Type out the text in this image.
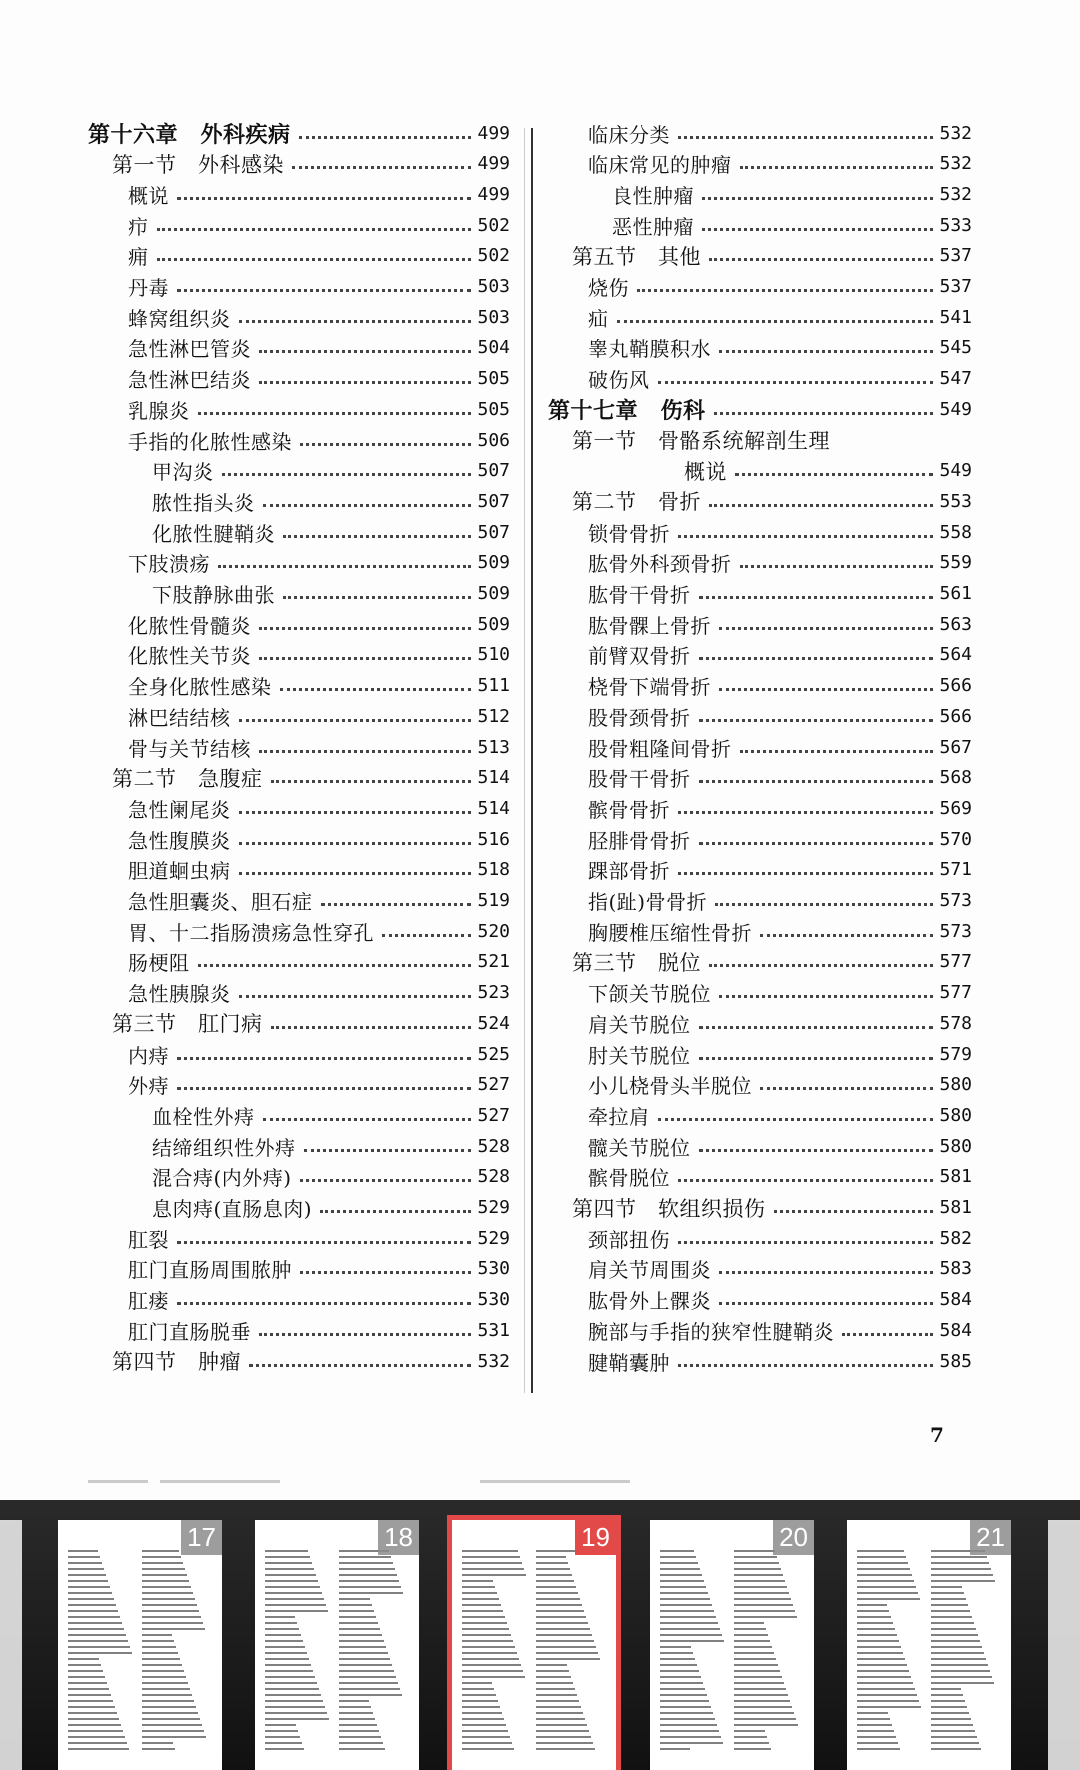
第十六章　外科疾病	499
第一节　外科感染	499
概说	499
疖	502
痈	502
丹毒	503
蜂窝组织炎	503
急性淋巴管炎	504
急性淋巴结炎	505
乳腺炎	505
手指的化脓性感染	506
甲沟炎	507
脓性指头炎	507
化脓性腱鞘炎	507
下肢溃疡	509
下肢静脉曲张	509
化脓性骨髓炎	509
化脓性关节炎	510
全身化脓性感染	511
淋巴结结核	512
骨与关节结核	513
第二节　急腹症	514
急性阑尾炎	514
急性腹膜炎	516
胆道蛔虫病	518
急性胆囊炎、胆石症	519
胃、十二指肠溃疡急性穿孔	520
肠梗阻	521
急性胰腺炎	523
第三节　肛门病	524
内痔	525
外痔	527
血栓性外痔	527
结缔组织性外痔	528
混合痔(内外痔)	528
息肉痔(直肠息肉)	529
肛裂	529
肛门直肠周围脓肿	530
肛瘘	530
肛门直肠脱垂	531
第四节　肿瘤	532
临床分类	532
临床常见的肿瘤	532
良性肿瘤	532
恶性肿瘤	533
第五节　其他	537
烧伤	537
疝	541
睾丸鞘膜积水	545
破伤风	547
第十七章　伤科	549
第一节　骨骼系统解剖生理
概说	549
第二节　骨折	553
锁骨骨折	558
肱骨外科颈骨折	559
肱骨干骨折	561
肱骨髁上骨折	563
前臂双骨折	564
桡骨下端骨折	566
股骨颈骨折	566
股骨粗隆间骨折	567
股骨干骨折	568
髌骨骨折	569
胫腓骨骨折	570
踝部骨折	571
指(趾)骨骨折	573
胸腰椎压缩性骨折	573
第三节　脱位	577
下颌关节脱位	577
肩关节脱位	578
肘关节脱位	579
小儿桡骨头半脱位	580
牵拉肩	580
髋关节脱位	580
髌骨脱位	581
第四节　软组织损伤	581
颈部扭伤	582
肩关节周围炎	583
肱骨外上髁炎	584
腕部与手指的狭窄性腱鞘炎	584
腱鞘囊肿	585
7
17	18	19	20	21
